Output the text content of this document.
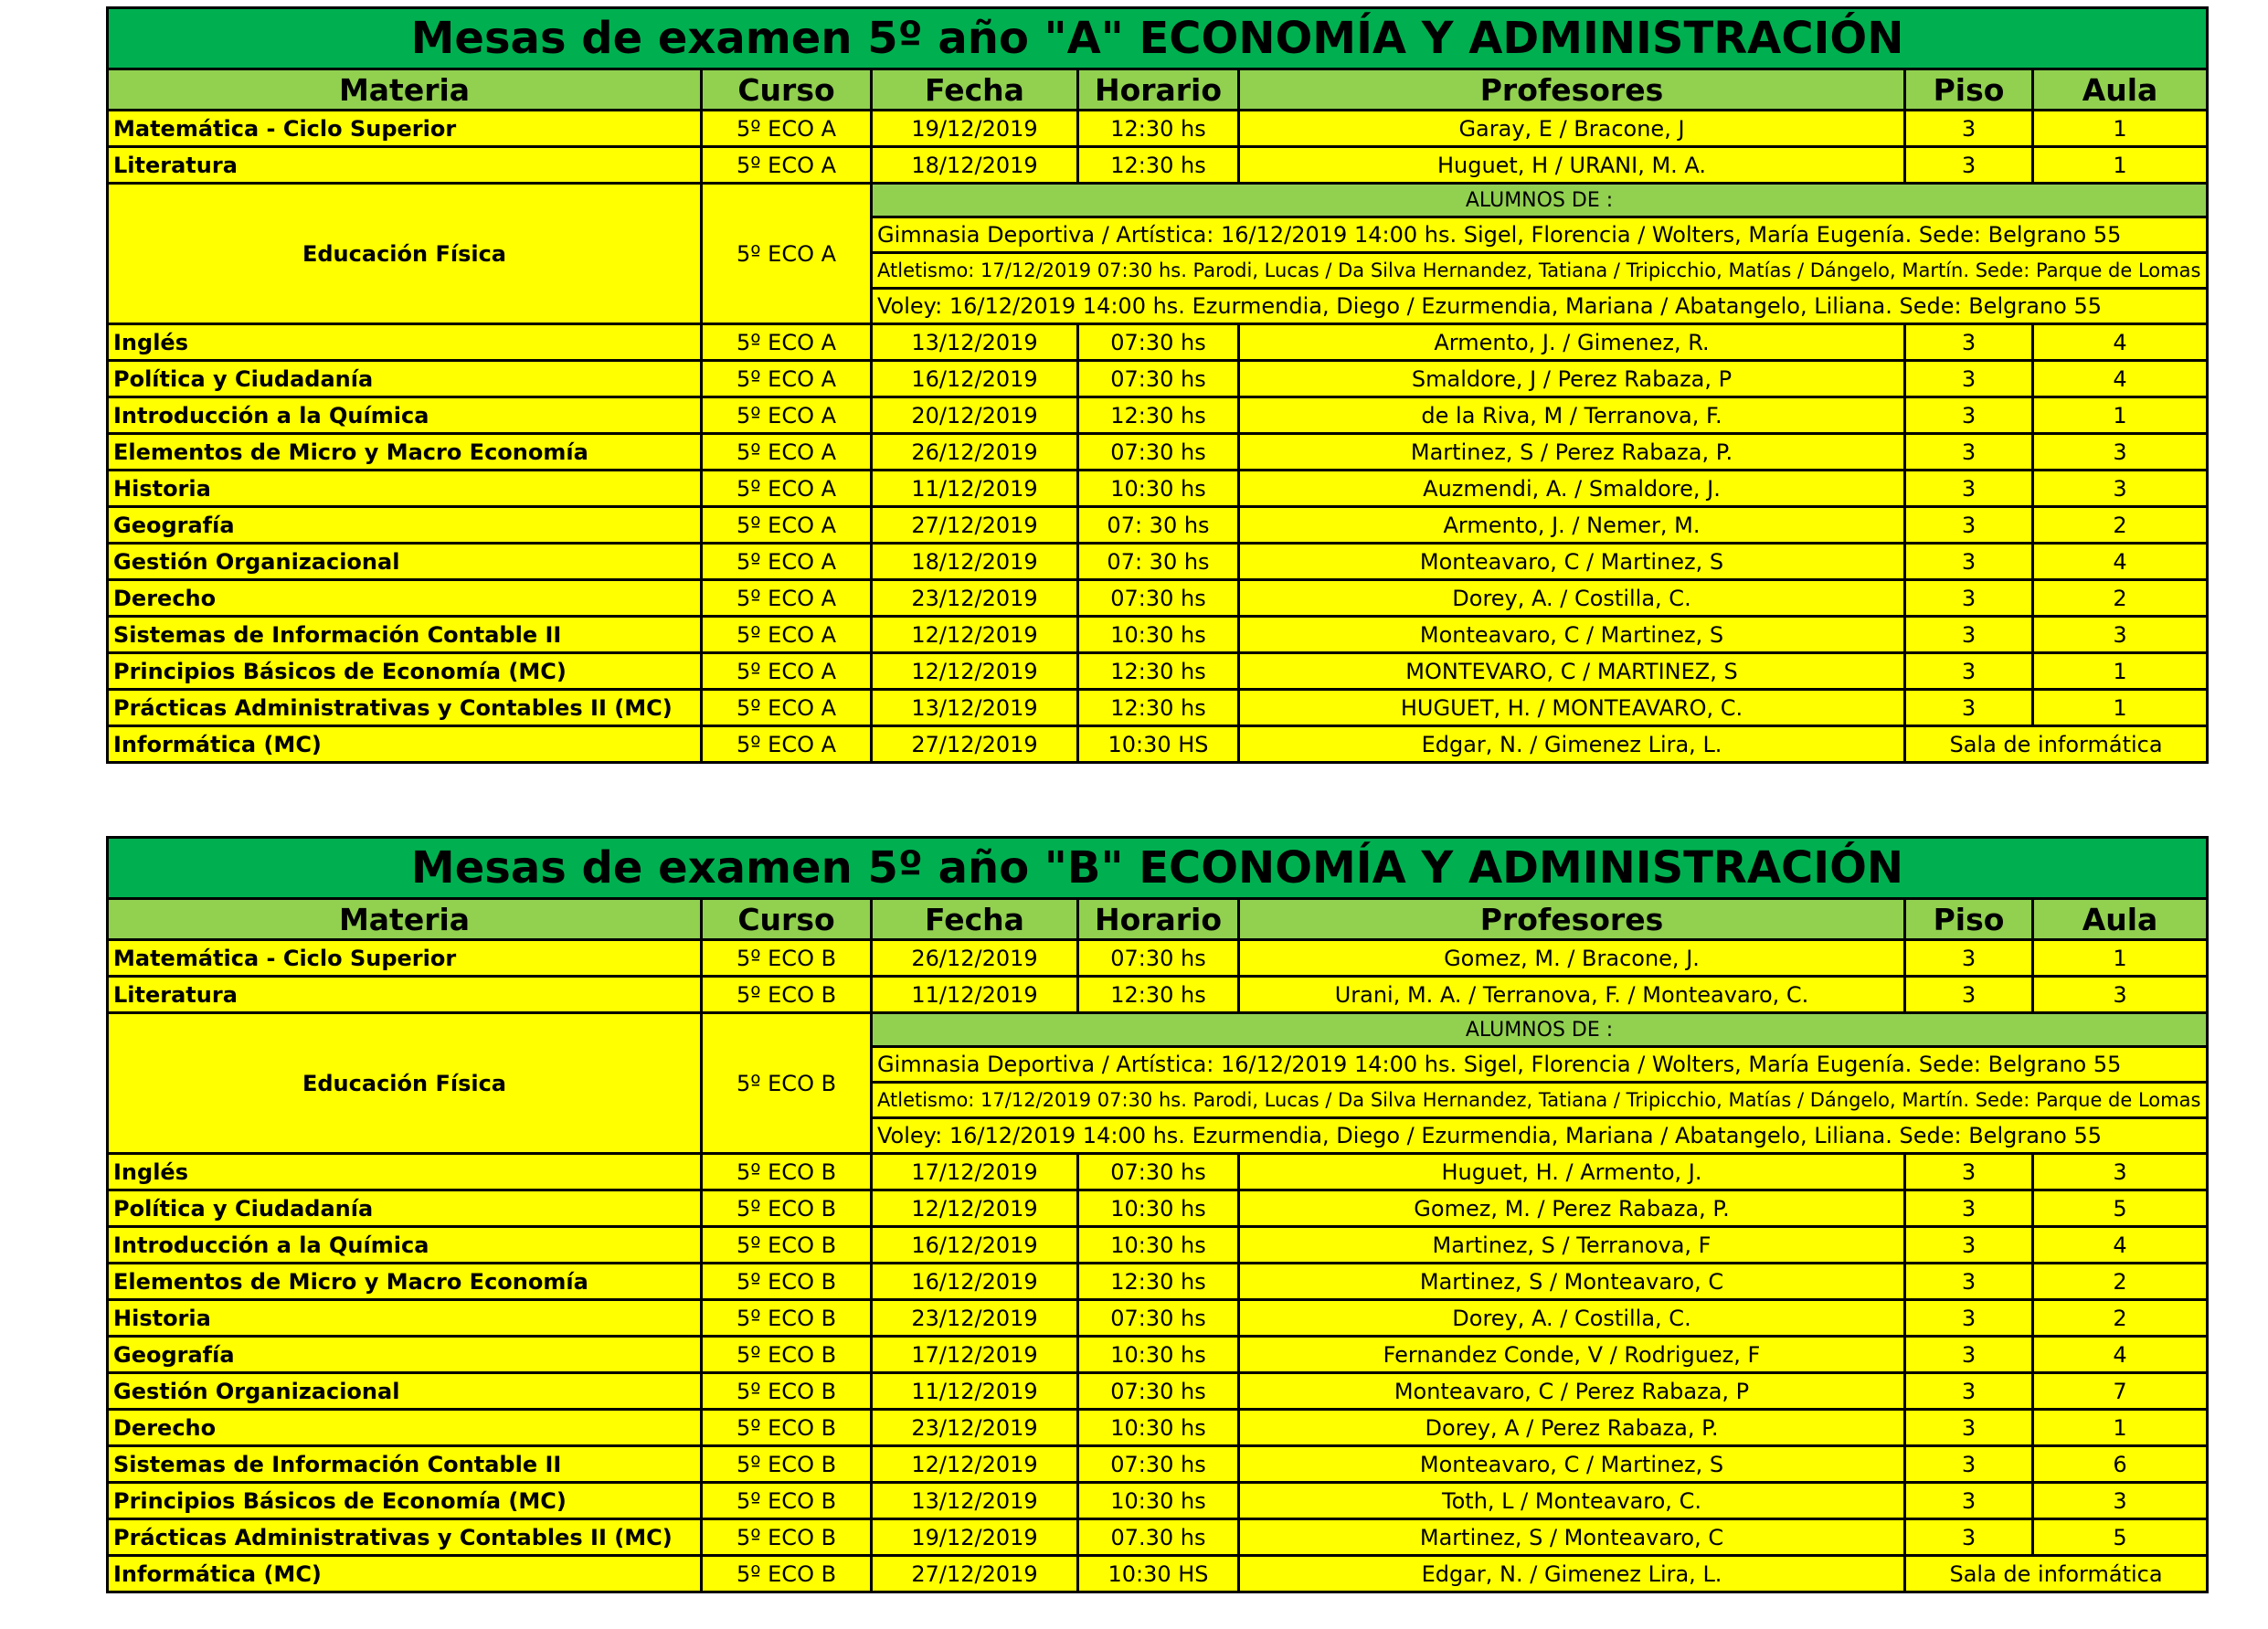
Mesas de examen 5º año "A" ECONOMÍA Y ADMINISTRACIÓN						
Materia	Curso	Fecha	Horario	Profesores	Piso	Aula
Matemática - Ciclo Superior	5º ECO A	19/12/2019	12:30 hs	Garay, E / Bracone, J	3	1
Literatura	5º ECO A	18/12/2019	12:30 hs	Huguet, H / URANI, M. A.	3	1
Educación Física	5º ECO A	ALUMNOS DE :				
		Gimnasia Deportiva / Artística: 16/12/2019 14:00 hs. Sigel, Florencia / Wolters, María Eugenía. Sede: Belgrano 55				
		Atletismo: 17/12/2019 07:30 hs. Parodi, Lucas / Da Silva Hernandez, Tatiana / Tripicchio, Matías / Dángelo, Martín. Sede: Parque de Lomas				
		Voley: 16/12/2019 14:00 hs. Ezurmendia, Diego / Ezurmendia, Mariana / Abatangelo, Liliana. Sede: Belgrano 55				
Inglés	5º ECO A	13/12/2019	07:30 hs	Armento, J. / Gimenez, R.	3	4
Política y Ciudadanía	5º ECO A	16/12/2019	07:30 hs	Smaldore, J / Perez Rabaza, P	3	4
Introducción a la Química	5º ECO A	20/12/2019	12:30 hs	de la Riva, M / Terranova, F.	3	1
Elementos de Micro y Macro Economía	5º ECO A	26/12/2019	07:30 hs	Martinez, S / Perez Rabaza, P.	3	3
Historia	5º ECO A	11/12/2019	10:30 hs	Auzmendi, A. / Smaldore, J.	3	3
Geografía	5º ECO A	27/12/2019	07: 30 hs	Armento, J. / Nemer, M.	3	2
Gestión Organizacional	5º ECO A	18/12/2019	07: 30 hs	Monteavaro, C / Martinez, S	3	4
Derecho	5º ECO A	23/12/2019	07:30 hs	Dorey, A. / Costilla, C.	3	2
Sistemas de Información Contable II	5º ECO A	12/12/2019	10:30 hs	Monteavaro, C / Martinez, S	3	3
Principios Básicos de Economía (MC)	5º ECO A	12/12/2019	12:30 hs	MONTEVARO, C / MARTINEZ, S	3	1
Prácticas Administrativas y Contables II (MC)	5º ECO A	13/12/2019	12:30 hs	HUGUET, H. / MONTEAVARO, C.	3	1
Informática (MC)	5º ECO A	27/12/2019	10:30 HS	Edgar, N. / Gimenez Lira, L.	Sala de informática	
Mesas de examen 5º año "B" ECONOMÍA Y ADMINISTRACIÓN						
Materia	Curso	Fecha	Horario	Profesores	Piso	Aula
Matemática - Ciclo Superior	5º ECO B	26/12/2019	07:30 hs	Gomez, M. / Bracone, J.	3	1
Literatura	5º ECO B	11/12/2019	12:30 hs	Urani, M. A. / Terranova, F. / Monteavaro, C.	3	3
Educación Física	5º ECO B	ALUMNOS DE :				
		Gimnasia Deportiva / Artística: 16/12/2019 14:00 hs. Sigel, Florencia / Wolters, María Eugenía. Sede: Belgrano 55				
		Atletismo: 17/12/2019 07:30 hs. Parodi, Lucas / Da Silva Hernandez, Tatiana / Tripicchio, Matías / Dángelo, Martín. Sede: Parque de Lomas				
		Voley: 16/12/2019 14:00 hs. Ezurmendia, Diego / Ezurmendia, Mariana / Abatangelo, Liliana. Sede: Belgrano 55				
Inglés	5º ECO B	17/12/2019	07:30 hs	Huguet, H. / Armento, J.	3	3
Política y Ciudadanía	5º ECO B	12/12/2019	10:30 hs	Gomez, M. / Perez Rabaza, P.	3	5
Introducción a la Química	5º ECO B	16/12/2019	10:30 hs	Martinez, S / Terranova, F	3	4
Elementos de Micro y Macro Economía	5º ECO B	16/12/2019	12:30 hs	Martinez, S / Monteavaro, C	3	2
Historia	5º ECO B	23/12/2019	07:30 hs	Dorey, A. / Costilla, C.	3	2
Geografía	5º ECO B	17/12/2019	10:30 hs	Fernandez Conde, V / Rodriguez, F	3	4
Gestión Organizacional	5º ECO B	11/12/2019	07:30 hs	Monteavaro, C / Perez Rabaza, P	3	7
Derecho	5º ECO B	23/12/2019	10:30 hs	Dorey, A / Perez Rabaza, P.	3	1
Sistemas de Información Contable II	5º ECO B	12/12/2019	07:30 hs	Monteavaro, C / Martinez, S	3	6
Principios Básicos de Economía (MC)	5º ECO B	13/12/2019	10:30 hs	Toth, L / Monteavaro, C.	3	3
Prácticas Administrativas y Contables II (MC)	5º ECO B	19/12/2019	07.30 hs	Martinez, S / Monteavaro, C	3	5
Informática (MC)	5º ECO B	27/12/2019	10:30 HS	Edgar, N. / Gimenez Lira, L.	Sala de informática	
